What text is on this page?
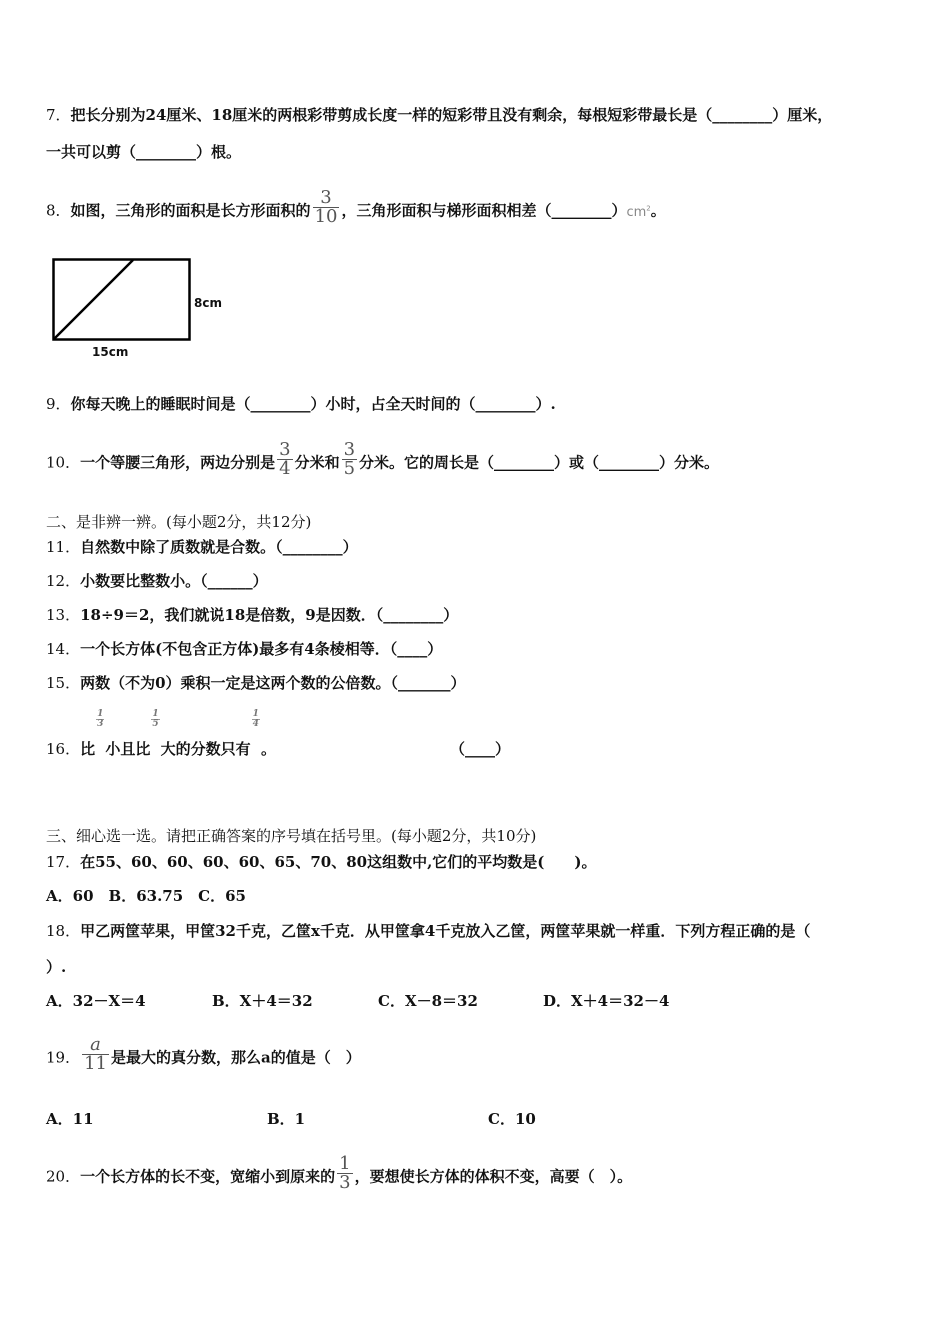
7．把长分别为24厘米、18厘米的两根彩带剪成长度一样的短彩带且没有剩余，每根短彩带最长是（________）厘米，
一共可以剪（________）根。
8．如图，三角形的面积是长方形面积的 $\frac{3}{10}$ ，三角形面积与梯形面积相差$(\_\_\_\_\_\_\_\_)cm^2$。
8cm
15cm
9．你每天晚上的睡眠时间是（________）小时，占全天时间的（________）.
10．一个等腰三角形，两边分别是 $\frac{3}{4}$ 分米和 $\frac{3}{5}$ 分米。它的周长是（________）或（________）分米。
二、是非辨一辨。(每小题2分，共12分)
11．自然数中除了质数就是合数。（________）
12．小数要比整数小。（______）
13．18÷9＝2，我们就说18是倍数，9是因数．（________）
14．一个长方体(不包含正方体)最多有4条棱相等．（____）
15．两数（不为0）乘积一定是这两个数的公倍数。（_______）
16．比
$\frac{1}{3}$
小且比
$\frac{1}{5}$
大的分数只有
$\frac{1}{4}$
。	（____）
三、细心选一选。请把正确答案的序号填在括号里。(每小题2分，共10分)
17．在55、60、60、60、60、65、70、80这组数中,它们的平均数是(　　)。
A．60　B．63.75　C．65
18．甲乙两筐苹果，甲筐32千克，乙筐x千克．从甲筐拿4千克放入乙筐，两筐苹果就一样重．下列方程正确的是（
）.
A．32－X＝4	B．X＋4＝32	C．X－8＝32	D．X＋4＝32－4
19． $\frac{a}{11}$ 是最大的真分数，那么a的值是（　）
A．11	B．1	C．10
20．一个长方体的长不变，宽缩小到原来的 $\frac{1}{3}$ ，要想使长方体的体积不变，高要（　）。
